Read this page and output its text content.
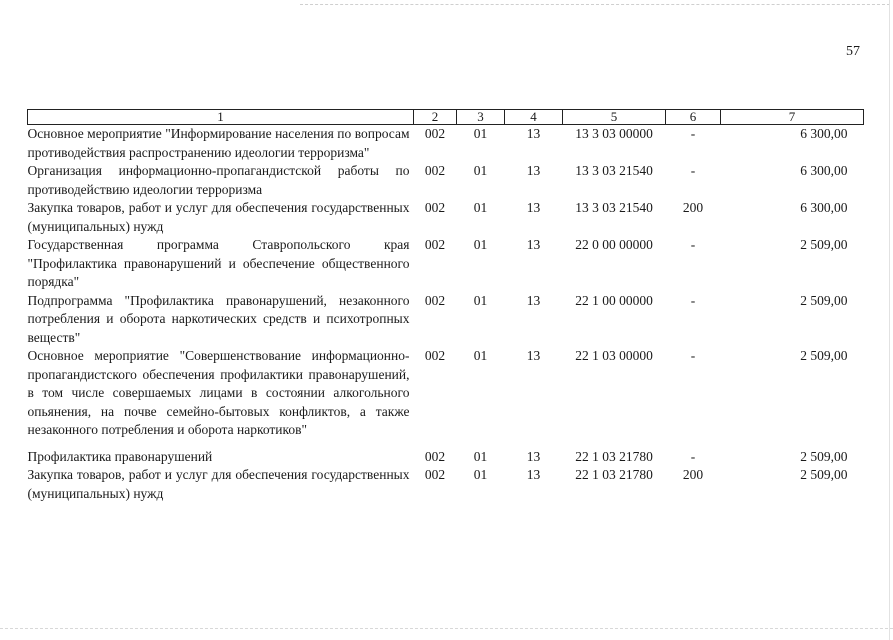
57
1	2	3	4	5	6	7
Основное мероприятие "Информирование населения по вопросам противодействия распространению идеологии терроризма"	002	01	13	13 3 03 00000	-	6 300,00
Организация информационно-пропагандистской работы по противодействию идеологии терроризма	002	01	13	13 3 03 21540	-	6 300,00
Закупка товаров, работ и услуг для обеспечения государственных (муниципальных) нужд	002	01	13	13 3 03 21540	200	6 300,00
Государственная программа Ставропольского края "Профилактика правонарушений и обеспечение общественного порядка"	002	01	13	22 0 00 00000	-	2 509,00
Подпрограмма "Профилактика правонарушений, незаконного потребления и оборота наркотических средств и психотропных веществ"	002	01	13	22 1 00 00000	-	2 509,00
Основное мероприятие "Совершенствование информационно-пропагандистского обеспечения профилактики правонарушений, в том числе совершаемых лицами в состоянии алкогольного опьянения, на почве семейно-бытовых конфликтов, а также незаконного потребления и оборота наркотиков"	002	01	13	22 1 03 00000	-	2 509,00
Профилактика правонарушений	002	01	13	22 1 03 21780	-	2 509,00
Закупка товаров, работ и услуг для обеспечения государственных (муниципальных) нужд	002	01	13	22 1 03 21780	200	2 509,00
